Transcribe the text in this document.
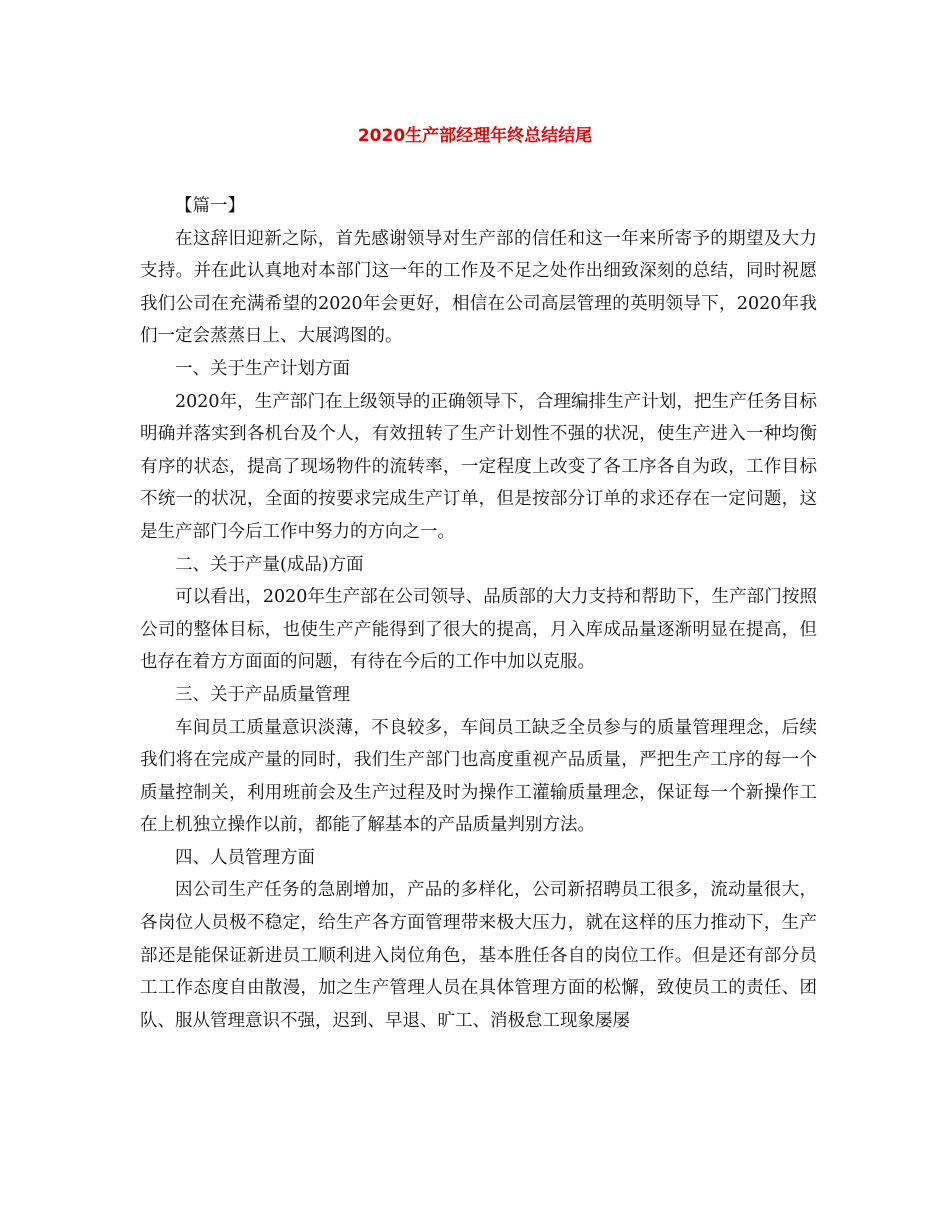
2020生产部经理年终总结结尾

【篇一】

在这辞旧迎新之际，首先感谢领导对生产部的信任和这一年来所寄予的期望及大力支持。并在此认真地对本部门这一年的工作及不足之处作出细致深刻的总结，同时祝愿我们公司在充满希望的2020年会更好，相信在公司高层管理的英明领导下，2020年我们一定会蒸蒸日上、大展鸿图的。

一、关于生产计划方面

2020年，生产部门在上级领导的正确领导下，合理编排生产计划，把生产任务目标明确并落实到各机台及个人，有效扭转了生产计划性不强的状况，使生产进入一种均衡有序的状态，提高了现场物件的流转率，一定程度上改变了各工序各自为政，工作目标不统一的状况，全面的按要求完成生产订单，但是按部分订单的求还存在一定问题，这是生产部门今后工作中努力的方向之一。

二、关于产量(成品)方面

可以看出，2020年生产部在公司领导、品质部的大力支持和帮助下，生产部门按照公司的整体目标，也使生产产能得到了很大的提高，月入库成品量逐渐明显在提高，但也存在着方方面面的问题，有待在今后的工作中加以克服。

三、关于产品质量管理

车间员工质量意识淡薄，不良较多，车间员工缺乏全员参与的质量管理理念，后续我们将在完成产量的同时，我们生产部门也高度重视产品质量，严把生产工序的每一个质量控制关，利用班前会及生产过程及时为操作工灌输质量理念，保证每一个新操作工在上机独立操作以前，都能了解基本的产品质量判别方法。

四、人员管理方面

因公司生产任务的急剧增加，产品的多样化，公司新招聘员工很多，流动量很大，各岗位人员极不稳定，给生产各方面管理带来极大压力，就在这样的压力推动下，生产部还是能保证新进员工顺利进入岗位角色，基本胜任各自的岗位工作。但是还有部分员工工作态度自由散漫，加之生产管理人员在具体管理方面的松懈，致使员工的责任、团队、服从管理意识不强，迟到、早退、旷工、消极怠工现象屡屡
